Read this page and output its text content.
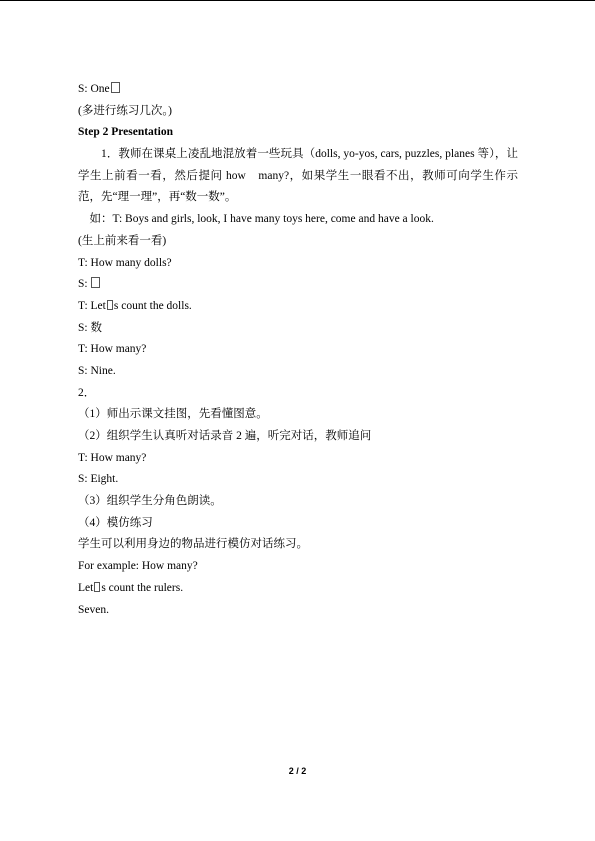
S: One
(多进行练习几次。)
Step 2 Presentation
1．教师在课桌上凌乱地混放着一些玩具（dolls, yo-yos, cars, puzzles, planes 等），让学生上前看一看，然后提问 how　many?，如果学生一眼看不出，教师可向学生作示范，先“理一理”，再“数一数”。
如：T: Boys and girls, look, I have many toys here, come and have a look.
(生上前来看一看)
T: How many dolls?
S:
T: Let s count the dolls.
S: 数
T: How many?
S: Nine.
2．
（1）师出示课文挂图，先看懂图意。
（2）组织学生认真听对话录音 2 遍，听完对话，教师追问
T: How many?
S: Eight.
（3）组织学生分角色朗读。
（4）模仿练习
学生可以利用身边的物品进行模仿对话练习。
For example: How many?
Let s count the rulers.
Seven.
2 / 2
